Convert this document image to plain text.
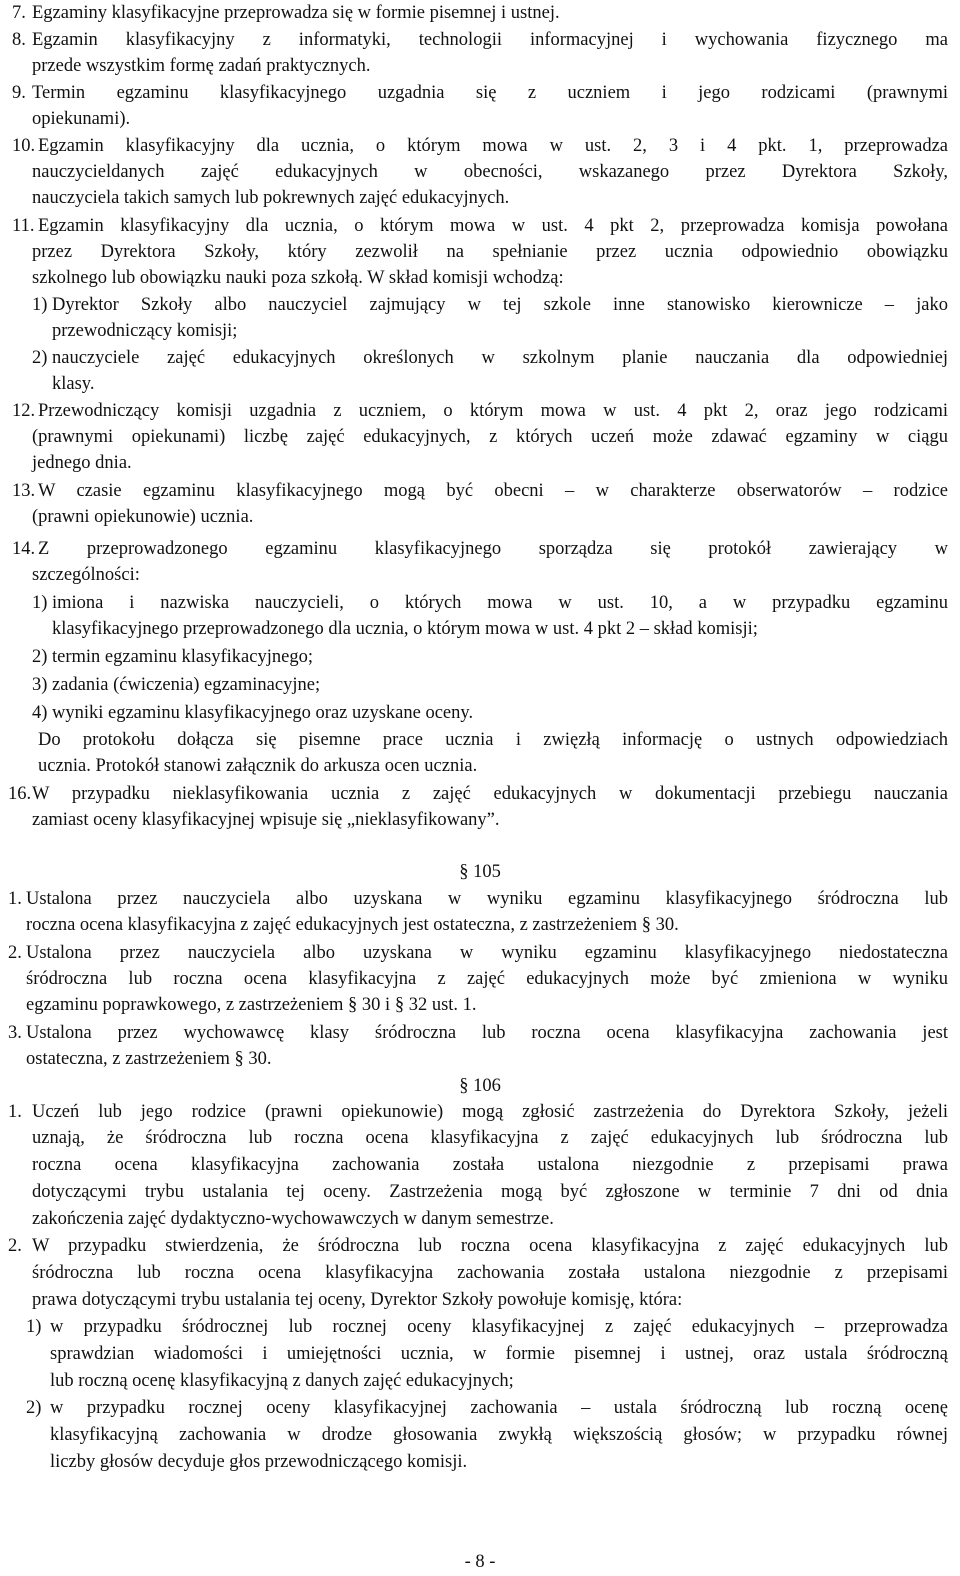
7. Egzaminy klasyfikacyjne przeprowadza się w formie pisemnej i ustnej.
8. Egzamin klasyfikacyjny z informatyki, technologii informacyjnej i wychowania fizycznego ma
przede wszystkim formę zadań praktycznych.
9. Termin egzaminu klasyfikacyjnego uzgadnia się z uczniem i jego rodzicami (prawnymi
opiekunami).
10. Egzamin klasyfikacyjny dla ucznia, o którym mowa w ust. 2, 3 i 4 pkt. 1, przeprowadza
nauczycieldanych zajęć edukacyjnych w obecności, wskazanego przez Dyrektora Szkoły,
nauczyciela takich samych lub pokrewnych zajęć edukacyjnych.
11. Egzamin klasyfikacyjny dla ucznia, o którym mowa w ust. 4 pkt 2, przeprowadza komisja powołana
przez Dyrektora Szkoły, który zezwolił na spełnianie przez ucznia odpowiednio obowiązku
szkolnego lub obowiązku nauki poza szkołą. W skład komisji wchodzą:
1) Dyrektor Szkoły albo nauczyciel zajmujący w tej szkole inne stanowisko kierownicze – jako
przewodniczący komisji;
2) nauczyciele zajęć edukacyjnych określonych w szkolnym planie nauczania dla odpowiedniej
klasy.
12. Przewodniczący komisji uzgadnia z uczniem, o którym mowa w ust. 4 pkt 2, oraz jego rodzicami
(prawnymi opiekunami) liczbę zajęć edukacyjnych, z których uczeń może zdawać egzaminy w ciągu
jednego dnia.
13. W czasie egzaminu klasyfikacyjnego mogą być obecni – w charakterze obserwatorów – rodzice
(prawni opiekunowie) ucznia.
14. Z przeprowadzonego egzaminu klasyfikacyjnego sporządza się protokół zawierający w
szczególności:
1) imiona i nazwiska nauczycieli, o których mowa w ust. 10, a w przypadku egzaminu
klasyfikacyjnego przeprowadzonego dla ucznia, o którym mowa w ust. 4 pkt 2 – skład komisji;
2) termin egzaminu klasyfikacyjnego;
3) zadania (ćwiczenia) egzaminacyjne;
4) wyniki egzaminu klasyfikacyjnego oraz uzyskane oceny.
Do protokołu dołącza się pisemne prace ucznia i zwięzłą informację o ustnych odpowiedziach
ucznia. Protokół stanowi załącznik do arkusza ocen ucznia.
16. W przypadku nieklasyfikowania ucznia z zajęć edukacyjnych w dokumentacji przebiegu nauczania
zamiast oceny klasyfikacyjnej wpisuje się „nieklasyfikowany”.
§ 105
1. Ustalona przez nauczyciela albo uzyskana w wyniku egzaminu klasyfikacyjnego śródroczna lub
roczna ocena klasyfikacyjna z zajęć edukacyjnych jest ostateczna, z zastrzeżeniem § 30.
2. Ustalona przez nauczyciela albo uzyskana w wyniku egzaminu klasyfikacyjnego niedostateczna
śródroczna lub roczna ocena klasyfikacyjna z zajęć edukacyjnych może być zmieniona w wyniku
egzaminu poprawkowego, z zastrzeżeniem § 30 i § 32 ust. 1.
3. Ustalona przez wychowawcę klasy śródroczna lub roczna ocena klasyfikacyjna zachowania jest
ostateczna, z zastrzeżeniem § 30.
§ 106
1. Uczeń lub jego rodzice (prawni opiekunowie) mogą zgłosić zastrzeżenia do Dyrektora Szkoły, jeżeli
uznają, że śródroczna lub roczna ocena klasyfikacyjna z zajęć edukacyjnych lub śródroczna lub
roczna ocena klasyfikacyjna zachowania została ustalona niezgodnie z przepisami prawa
dotyczącymi trybu ustalania tej oceny. Zastrzeżenia mogą być zgłoszone w terminie 7 dni od dnia
zakończenia zajęć dydaktyczno-wychowawczych w danym semestrze.
2. W przypadku stwierdzenia, że śródroczna lub roczna ocena klasyfikacyjna z zajęć edukacyjnych lub
śródroczna lub roczna ocena klasyfikacyjna zachowania została ustalona niezgodnie z przepisami
prawa dotyczącymi trybu ustalania tej oceny, Dyrektor Szkoły powołuje komisję, która:
1) w przypadku śródrocznej lub rocznej oceny klasyfikacyjnej z zajęć edukacyjnych – przeprowadza
sprawdzian wiadomości i umiejętności ucznia, w formie pisemnej i ustnej, oraz ustala śródroczną
lub roczną ocenę klasyfikacyjną z danych zajęć edukacyjnych;
2) w przypadku rocznej oceny klasyfikacyjnej zachowania – ustala śródroczną lub roczną ocenę
klasyfikacyjną zachowania w drodze głosowania zwykłą większością głosów; w przypadku równej
liczby głosów decyduje głos przewodniczącego komisji.
- 8 -
